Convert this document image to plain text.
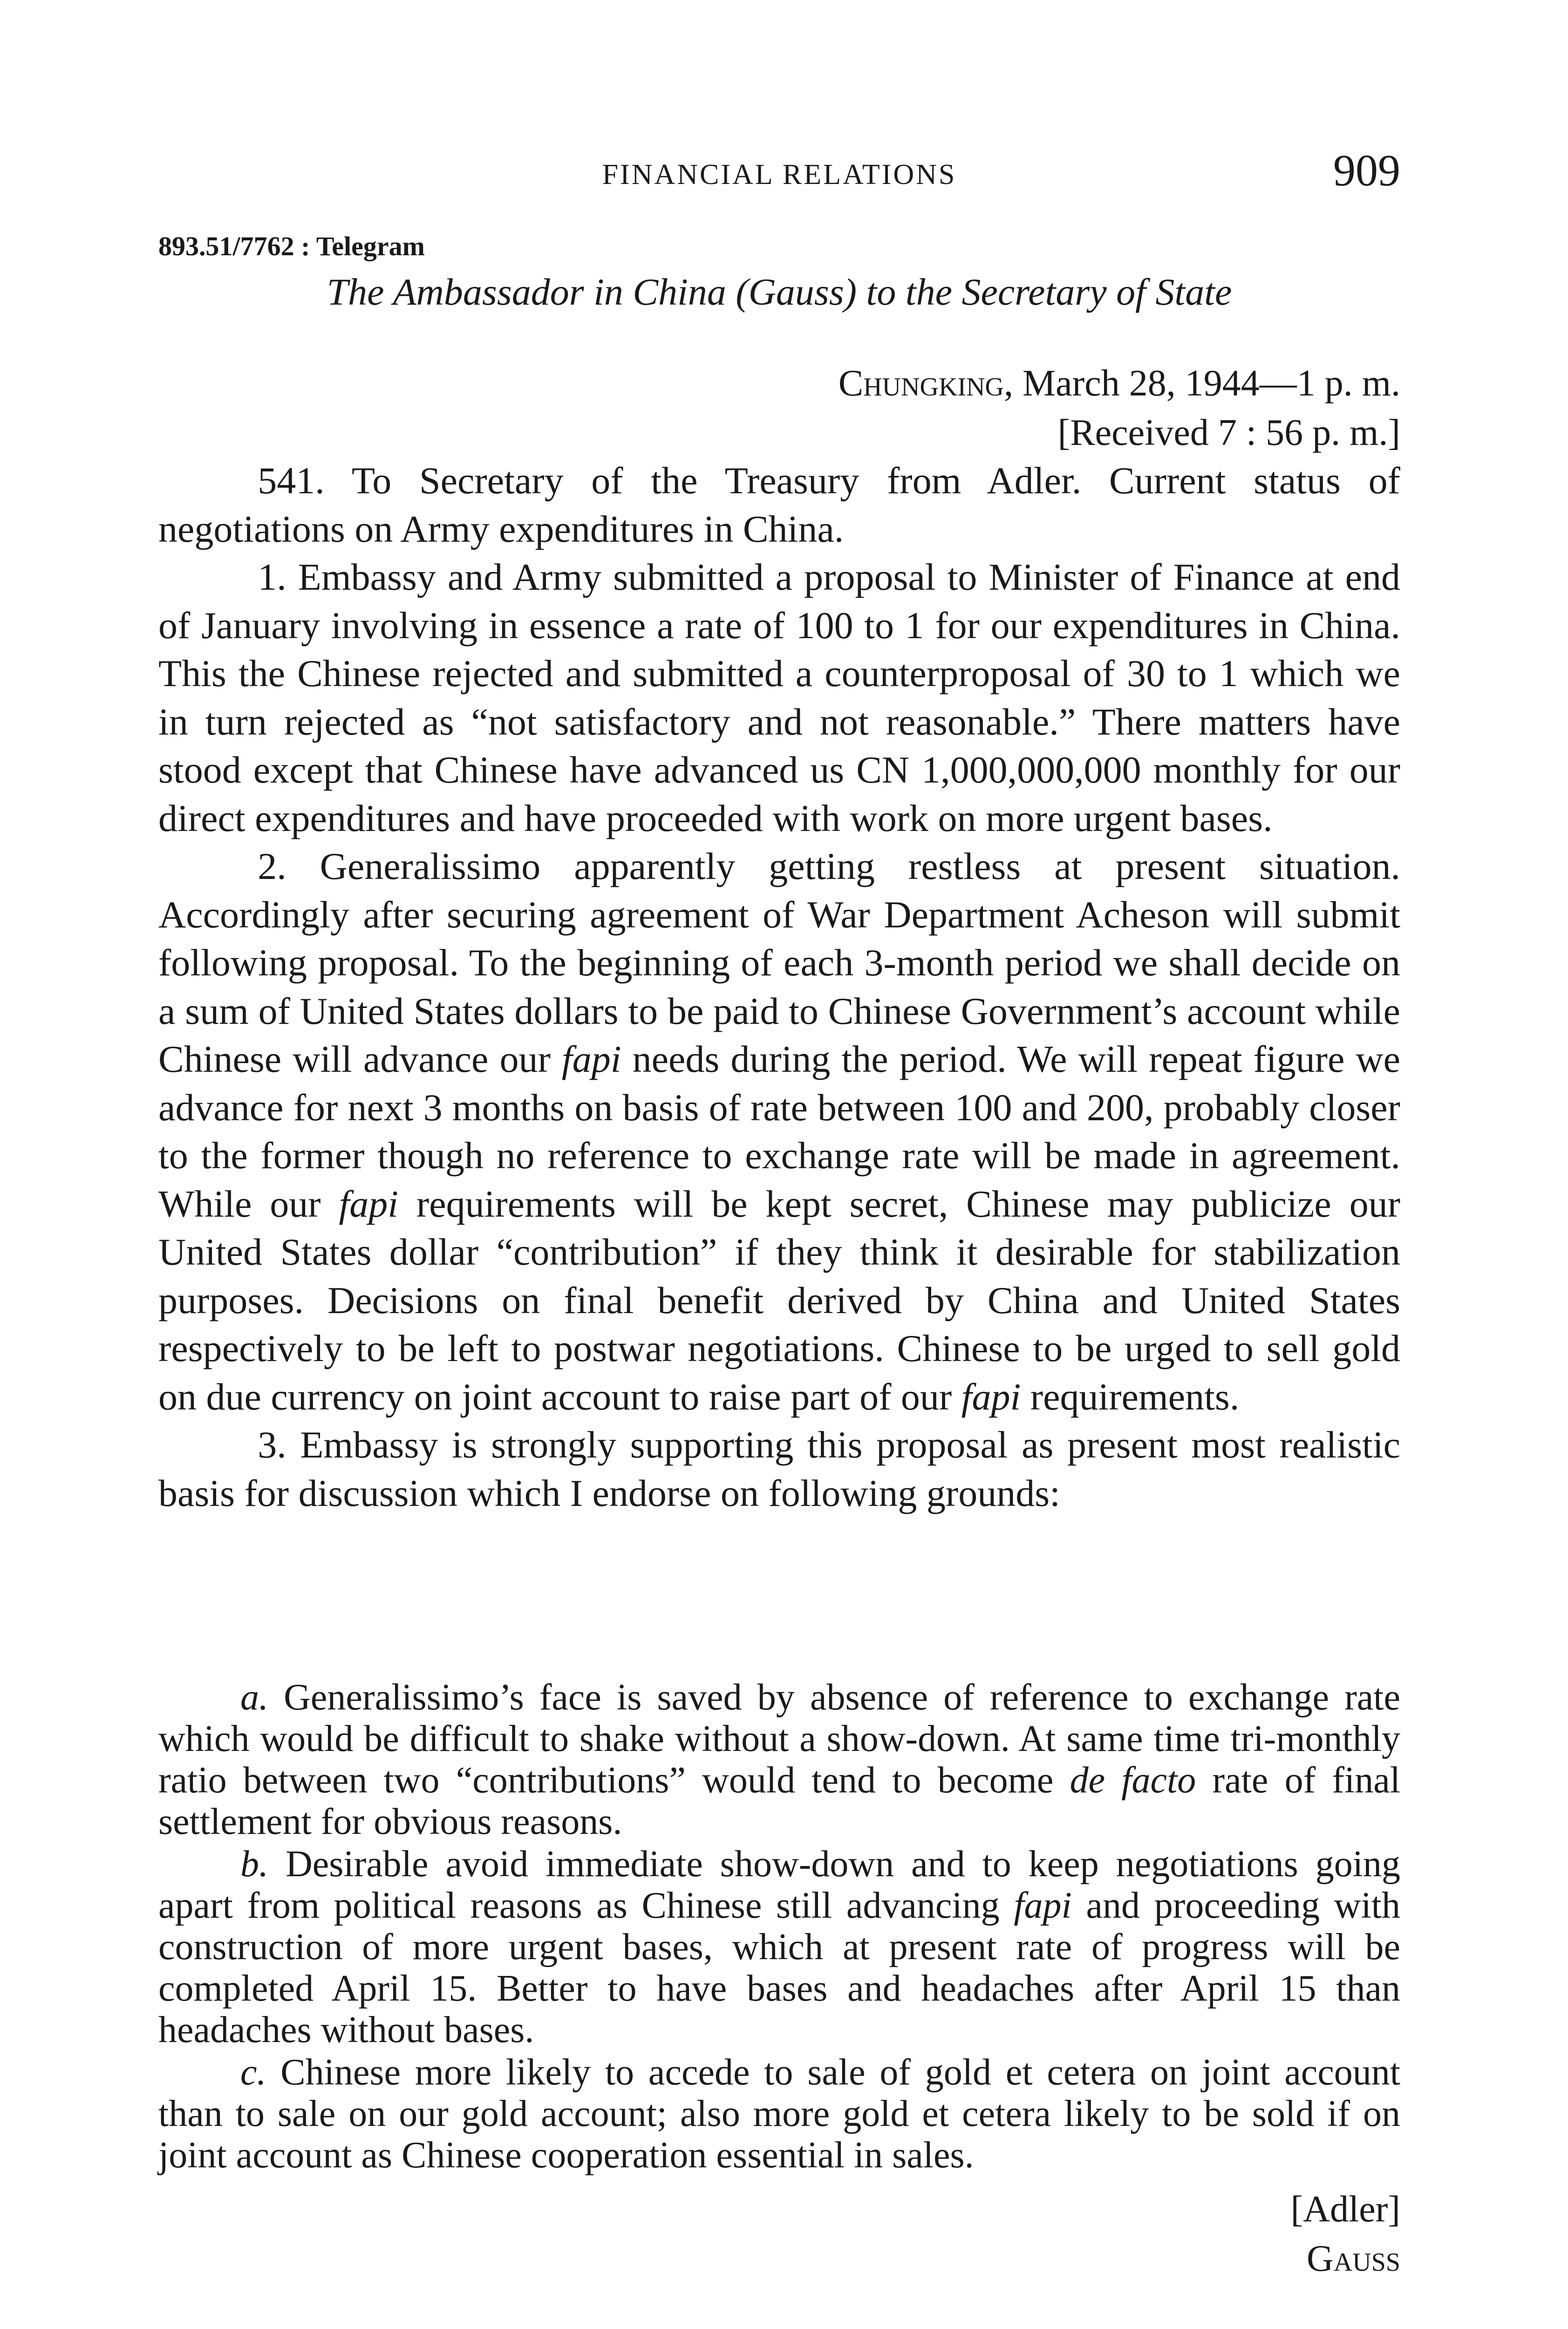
FINANCIAL RELATIONS	909
893.51/7762 : Telegram
The Ambassador in China (Gauss) to the Secretary of State
Chungking, March 28, 1944—1 p. m.
[Received 7 : 56 p. m.]

541. To Secretary of the Treasury from Adler. Current status of negotiations on Army expenditures in China.

1. Embassy and Army submitted a proposal to Minister of Finance at end of January involving in essence a rate of 100 to 1 for our expenditures in China. This the Chinese rejected and submitted a counterproposal of 30 to 1 which we in turn rejected as “not satisfactory and not reasonable.” There matters have stood except that Chinese have advanced us CN 1,000,000,000 monthly for our direct expenditures and have proceeded with work on more urgent bases.

2. Generalissimo apparently getting restless at present situation. Accordingly after securing agreement of War Department Acheson will submit following proposal. To the beginning of each 3-month period we shall decide on a sum of United States dollars to be paid to Chinese Government’s account while Chinese will advance our fapi needs during the period. We will repeat figure we advance for next 3 months on basis of rate between 100 and 200, probably closer to the former though no reference to exchange rate will be made in agreement. While our fapi requirements will be kept secret, Chinese may publicize our United States dollar “contribution” if they think it desirable for stabilization purposes. Decisions on final benefit derived by China and United States respectively to be left to postwar negotiations. Chinese to be urged to sell gold on due currency on joint account to raise part of our fapi requirements.

3. Embassy is strongly supporting this proposal as present most realistic basis for discussion which I endorse on following grounds:

a. Generalissimo’s face is saved by absence of reference to exchange rate which would be difficult to shake without a show-down. At same time tri-monthly ratio between two “contributions” would tend to become de facto rate of final settlement for obvious reasons.

b. Desirable avoid immediate show-down and to keep negotiations going apart from political reasons as Chinese still advancing fapi and proceeding with construction of more urgent bases, which at present rate of progress will be completed April 15. Better to have bases and headaches after April 15 than headaches without bases.

c. Chinese more likely to accede to sale of gold et cetera on joint account than to sale on our gold account; also more gold et cetera likely to be sold if on joint account as Chinese cooperation essential in sales.

[Adler]
Gauss
